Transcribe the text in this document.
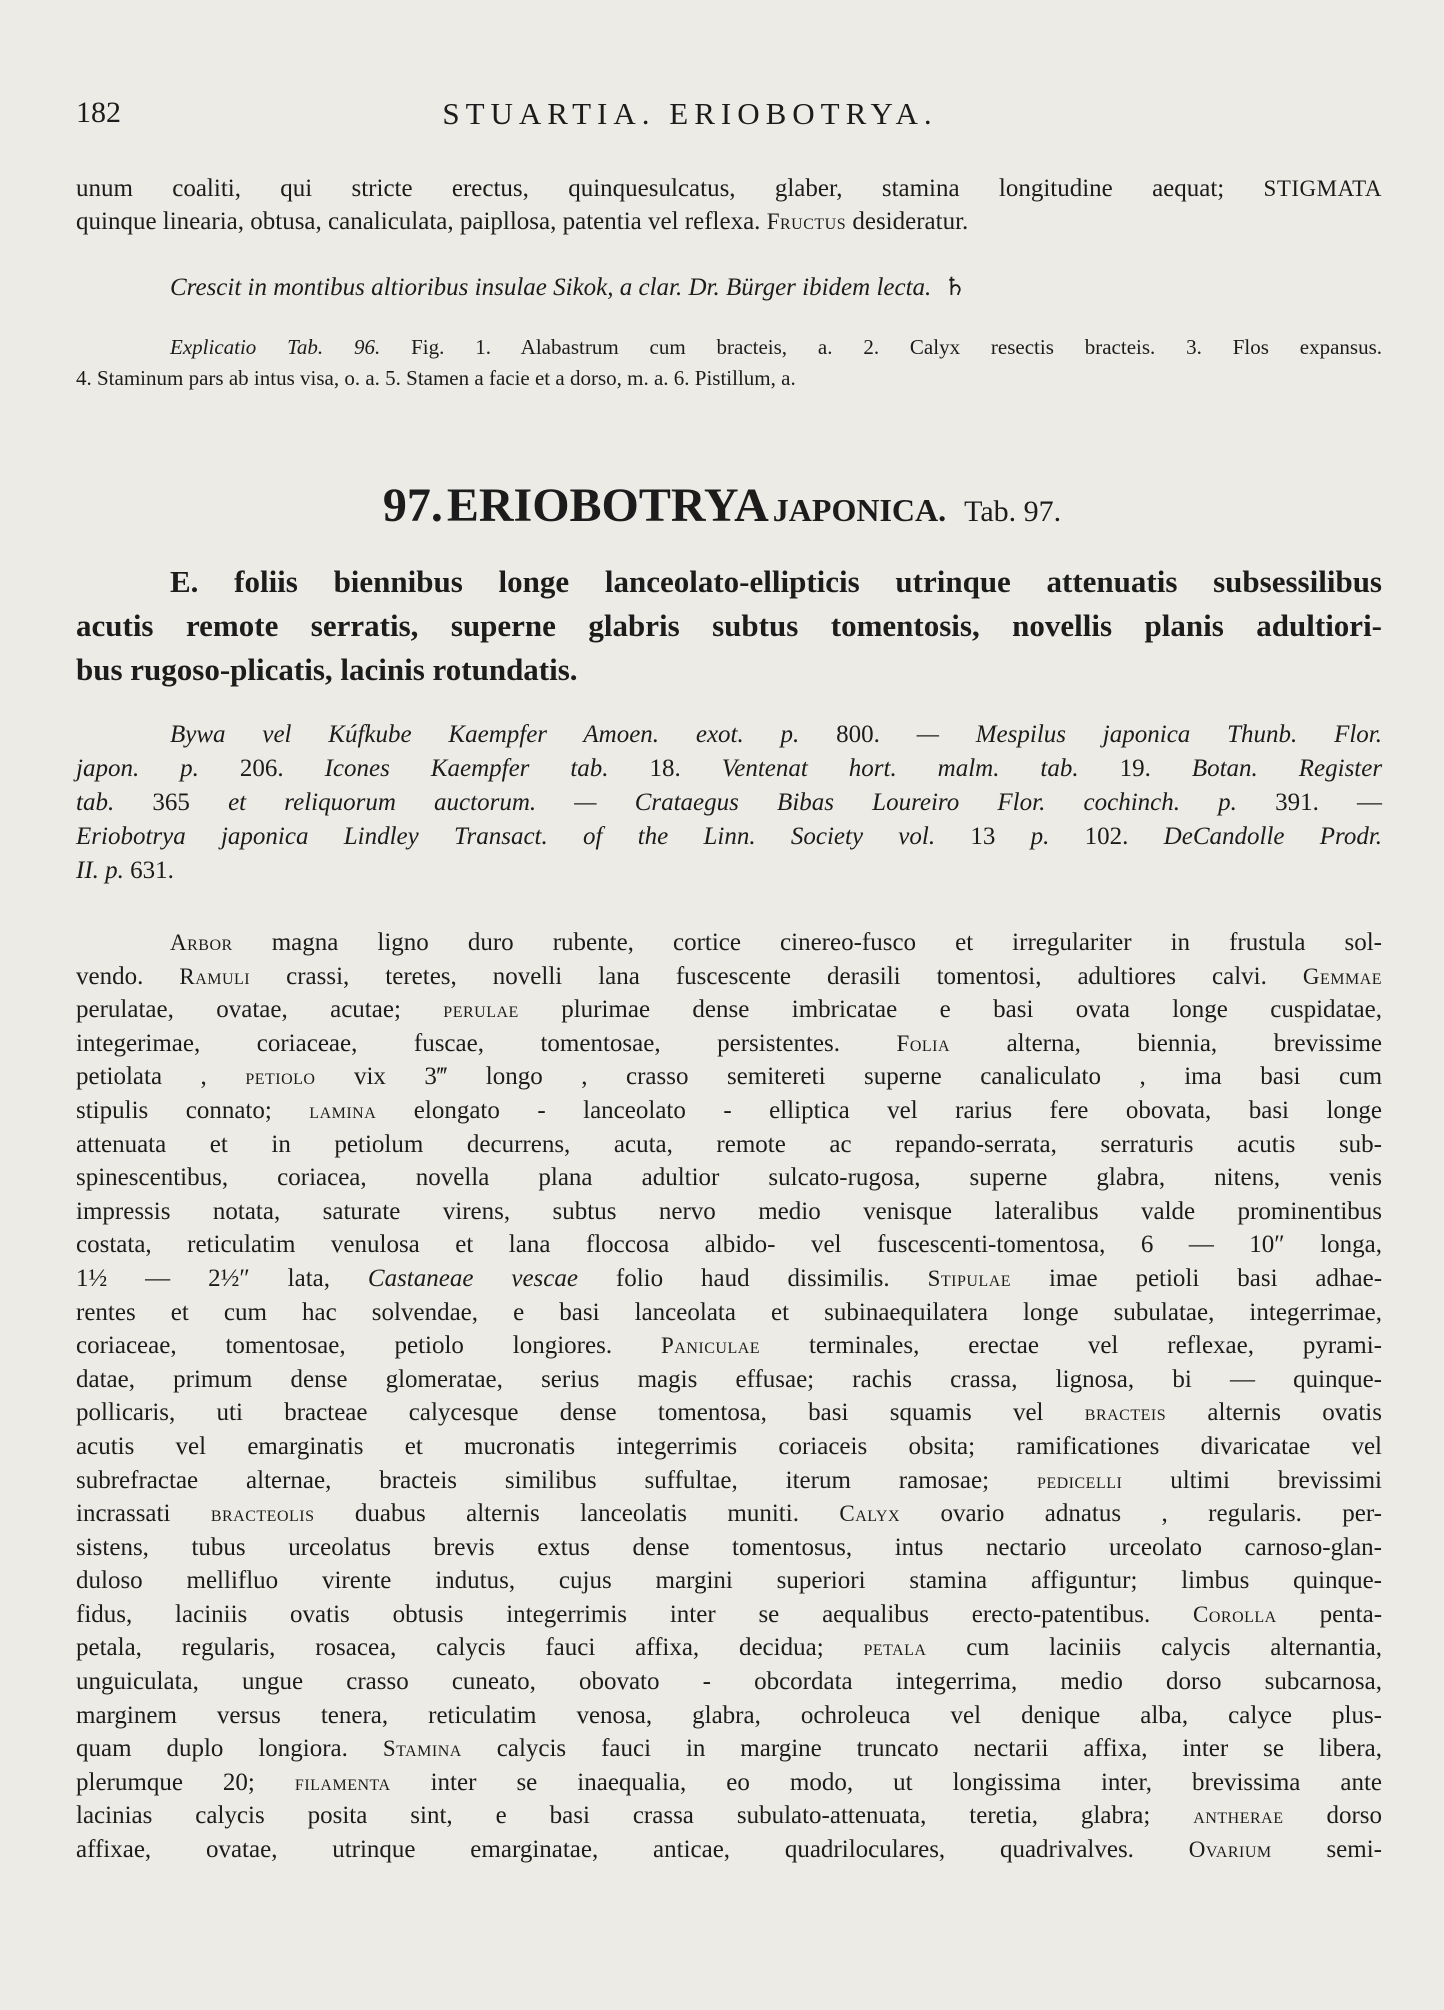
182	STUARTIA. ERIOBOTRYA.
unum coaliti, qui stricte erectus, quinquesulcatus, glaber, stamina longitudine aequat; STIGMATA
quinque linearia, obtusa, canaliculata, paipllosa, patentia vel reflexa. Fructus desideratur.
Crescit in montibus altioribus insulae Sikok, a clar. Dr. Bürger ibidem lecta. ♄
Explicatio Tab. 96. Fig. 1. Alabastrum cum bracteis, a. 2. Calyx resectis bracteis. 3. Flos expansus.
4. Staminum pars ab intus visa, o. a. 5. Stamen a facie et a dorso, m. a. 6. Pistillum, a.
97. ERIOBOTRYA JAPONICA. Tab. 97.
E. foliis biennibus longe lanceolato-ellipticis utrinque attenuatis subsessilibus
acutis remote serratis, superne glabris subtus tomentosis, novellis planis adultiori-
bus rugoso-plicatis, lacinis rotundatis.
Bywa vel Kúfkube Kaempfer Amoen. exot. p. 800. — Mespilus japonica Thunb. Flor.
japon. p. 206. Icones Kaempfer tab. 18. Ventenat hort. malm. tab. 19. Botan. Register
tab. 365 et reliquorum auctorum. — Crataegus Bibas Loureiro Flor. cochinch. p. 391. —
Eriobotrya japonica Lindley Transact. of the Linn. Society vol. 13 p. 102. DeCandolle Prodr.
II. p. 631.
Arbor magna ligno duro rubente, cortice cinereo-fusco et irregulariter in frustula sol-
vendo. Ramuli crassi, teretes, novelli lana fuscescente derasili tomentosi, adultiores calvi. Gemmae
perulatae, ovatae, acutae; perulae plurimae dense imbricatae e basi ovata longe cuspidatae,
integerimae, coriaceae, fuscae, tomentosae, persistentes. Folia alterna, biennia, brevissime
petiolata , petiolo vix 3‴ longo , crasso semitereti superne canaliculato , ima basi cum
stipulis connato; lamina elongato - lanceolato - elliptica vel rarius fere obovata, basi longe
attenuata et in petiolum decurrens, acuta, remote ac repando-serrata, serraturis acutis sub-
spinescentibus, coriacea, novella plana adultior sulcato-rugosa, superne glabra, nitens, venis
impressis notata, saturate virens, subtus nervo medio venisque lateralibus valde prominentibus
costata, reticulatim venulosa et lana floccosa albido- vel fuscescenti-tomentosa, 6 — 10″ longa,
1½ — 2½″ lata, Castaneae vescae folio haud dissimilis. Stipulae imae petioli basi adhae-
rentes et cum hac solvendae, e basi lanceolata et subinaequilatera longe subulatae, integerrimae,
coriaceae, tomentosae, petiolo longiores. Paniculae terminales, erectae vel reflexae, pyrami-
datae, primum dense glomeratae, serius magis effusae; rachis crassa, lignosa, bi — quinque-
pollicaris, uti bracteae calycesque dense tomentosa, basi squamis vel bracteis alternis ovatis
acutis vel emarginatis et mucronatis integerrimis coriaceis obsita; ramificationes divaricatae vel
subrefractae alternae, bracteis similibus suffultae, iterum ramosae; pedicelli ultimi brevissimi
incrassati bracteolis duabus alternis lanceolatis muniti. Calyx ovario adnatus , regularis. per-
sistens, tubus urceolatus brevis extus dense tomentosus, intus nectario urceolato carnoso-glan-
duloso mellifluo virente indutus, cujus margini superiori stamina affiguntur; limbus quinque-
fidus, laciniis ovatis obtusis integerrimis inter se aequalibus erecto-patentibus. Corolla penta-
petala, regularis, rosacea, calycis fauci affixa, decidua; petala cum laciniis calycis alternantia,
unguiculata, ungue crasso cuneato, obovato - obcordata integerrima, medio dorso subcarnosa,
marginem versus tenera, reticulatim venosa, glabra, ochroleuca vel denique alba, calyce plus-
quam duplo longiora. Stamina calycis fauci in margine truncato nectarii affixa, inter se libera,
plerumque 20; filamenta inter se inaequalia, eo modo, ut longissima inter, brevissima ante
lacinias calycis posita sint, e basi crassa subulato-attenuata, teretia, glabra; antherae dorso
affixae, ovatae, utrinque emarginatae, anticae, quadriloculares, quadrivalves. Ovarium semi-
